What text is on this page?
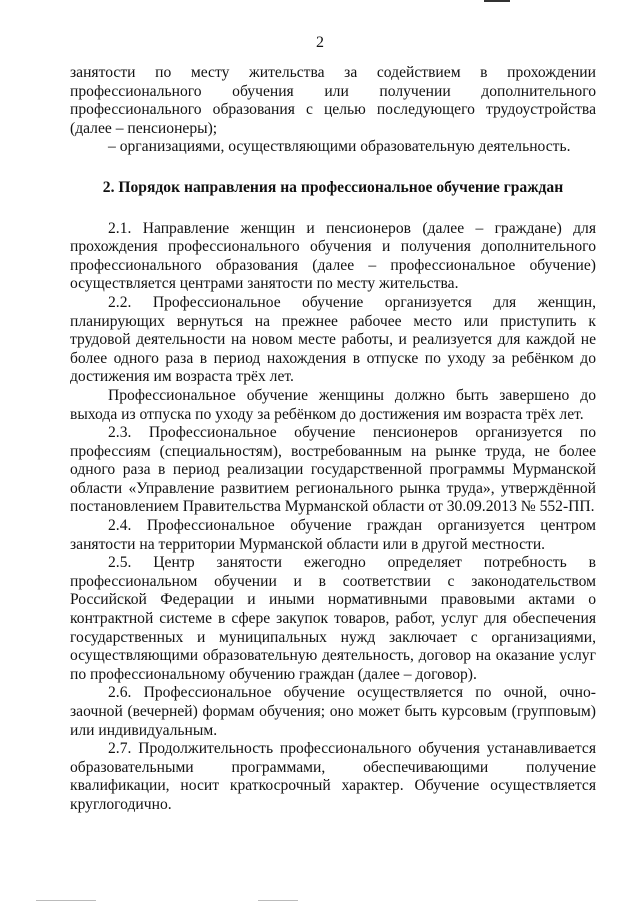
2

занятости по месту жительства за содействием в прохождении профессионального обучения или получении дополнительного профессионального образования с целью последующего трудоустройства (далее – пенсионеры);

– организациями, осуществляющими образовательную деятельность.

2. Порядок направления на профессиональное обучение граждан

2.1. Направление женщин и пенсионеров (далее – граждане) для прохождения профессионального обучения и получения дополнительного профессионального образования (далее – профессиональное обучение) осуществляется центрами занятости по месту жительства.

2.2. Профессиональное обучение организуется для женщин, планирующих вернуться на прежнее рабочее место или приступить к трудовой деятельности на новом месте работы, и реализуется для каждой не более одного раза в период нахождения в отпуске по уходу за ребёнком до достижения им возраста трёх лет.

Профессиональное обучение женщины должно быть завершено до выхода из отпуска по уходу за ребёнком до достижения им возраста трёх лет.

2.3. Профессиональное обучение пенсионеров организуется по профессиям (специальностям), востребованным на рынке труда, не более одного раза в период реализации государственной программы Мурманской области «Управление развитием регионального рынка труда», утверждённой постановлением Правительства Мурманской области от 30.09.2013 № 552-ПП.

2.4. Профессиональное обучение граждан организуется центром занятости на территории Мурманской области или в другой местности.

2.5. Центр занятости ежегодно определяет потребность в профессиональном обучении и в соответствии с законодательством Российской Федерации и иными нормативными правовыми актами о контрактной системе в сфере закупок товаров, работ, услуг для обеспечения государственных и муниципальных нужд заключает с организациями, осуществляющими образовательную деятельность, договор на оказание услуг по профессиональному обучению граждан (далее – договор).

2.6. Профессиональное обучение осуществляется по очной, очно-заочной (вечерней) формам обучения; оно может быть курсовым (групповым) или индивидуальным.

2.7. Продолжительность профессионального обучения устанавливается образовательными программами, обеспечивающими получение квалификации, носит краткосрочный характер. Обучение осуществляется круглогодично.
